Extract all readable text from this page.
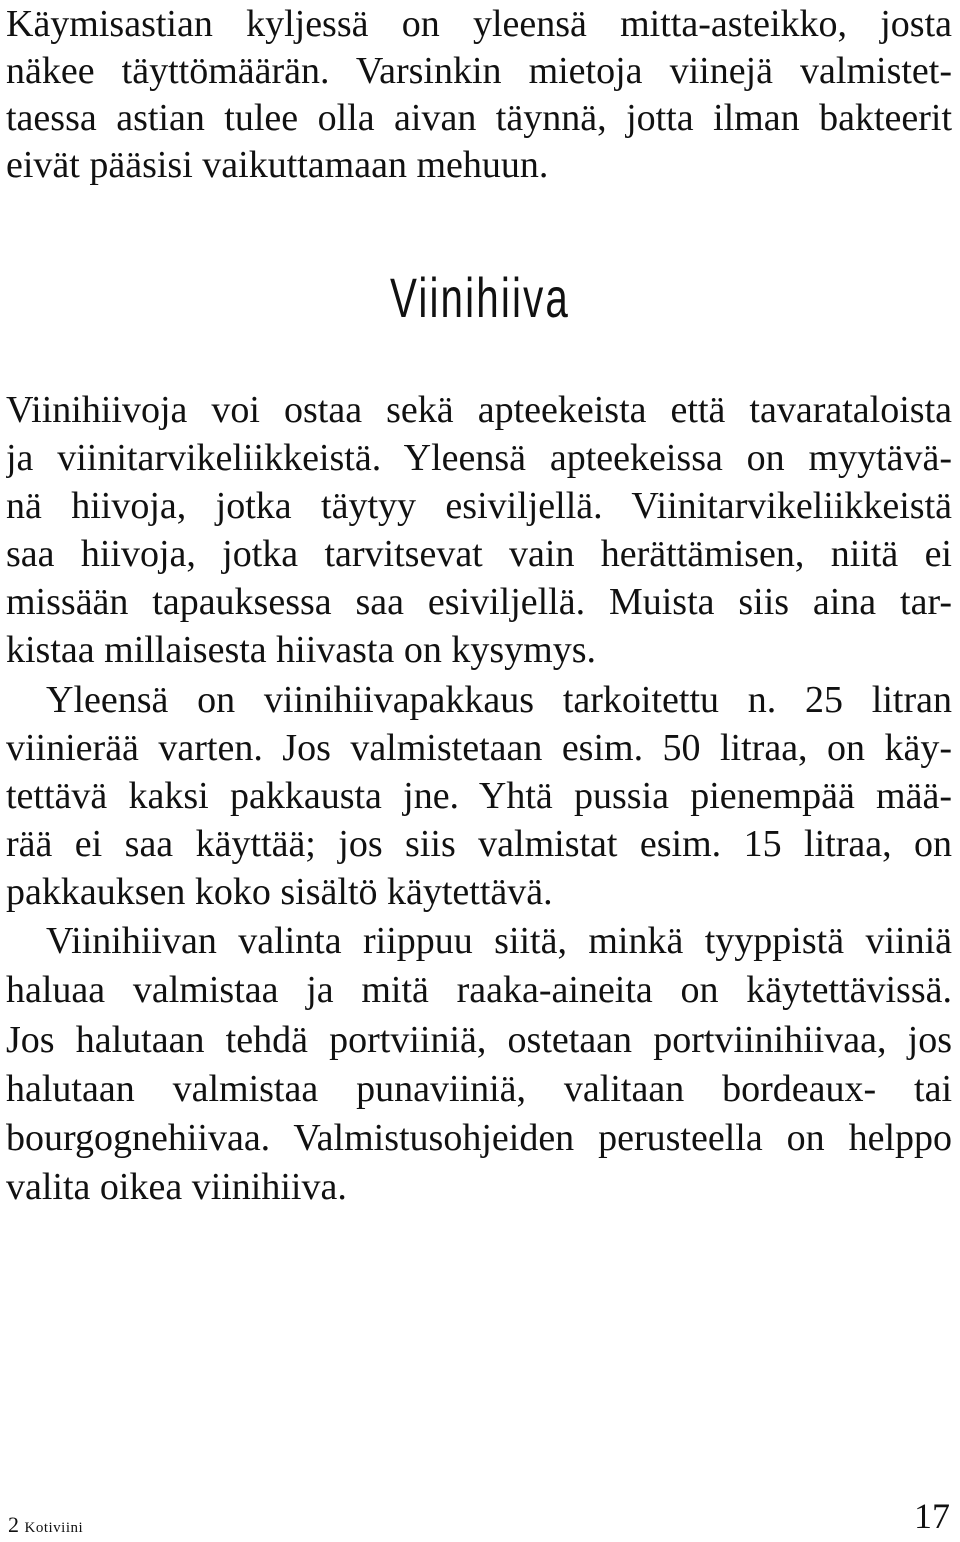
Käymisastian kyljessä on yleensä mitta-asteikko, josta
näkee täyttömäärän. Varsinkin mietoja viinejä valmistet-
taessa astian tulee olla aivan täynnä, jotta ilman bakteerit
eivät pääsisi vaikuttamaan mehuun.
Viinihiiva
Viinihiivoja voi ostaa sekä apteekeista että tavarataloista
ja viinitarvikeliikkeistä. Yleensä apteekeissa on myytävä-
nä hiivoja, jotka täytyy esiviljellä. Viinitarvikeliikkeistä
saa hiivoja, jotka tarvitsevat vain herättämisen, niitä ei
missään tapauksessa saa esiviljellä. Muista siis aina tar-
kistaa millaisesta hiivasta on kysymys.
Yleensä on viinihiivapakkaus tarkoitettu n. 25 litran
viinierää varten. Jos valmistetaan esim. 50 litraa, on käy-
tettävä kaksi pakkausta jne. Yhtä pussia pienempää mää-
rää ei saa käyttää; jos siis valmistat esim. 15 litraa, on
pakkauksen koko sisältö käytettävä.
Viinihiivan valinta riippuu siitä, minkä tyyppistä viiniä
haluaa valmistaa ja mitä raaka-aineita on käytettävissä.
Jos halutaan tehdä portviiniä, ostetaan portviinihiivaa, jos
halutaan valmistaa punaviiniä, valitaan bordeaux- tai
bourgognehiivaa. Valmistusohjeiden perusteella on helppo
valita oikea viinihiiva.
2 Kotiviini	17
